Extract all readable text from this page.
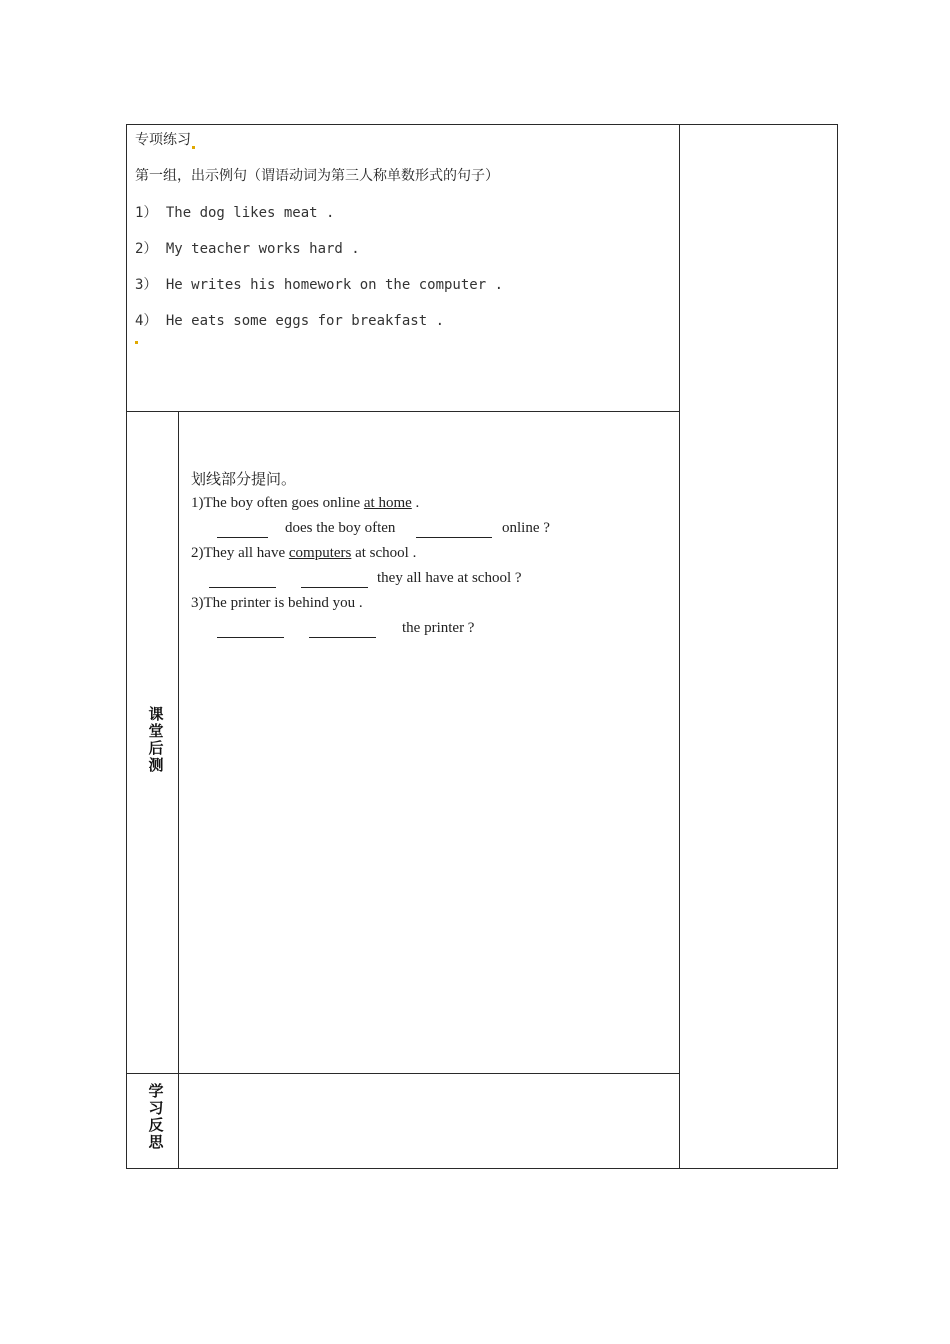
专项练习
第一组，出示例句（谓语动词为第三人称单数形式的句子）
1） The dog likes meat .
2） My teacher works hard .
3） He writes his homework on the computer .
4） He eats some eggs for breakfast .
课
堂
后
测
划线部分提问。
1)The boy often goes online at home .
does the boy often	online ?
2)They all have computers at school .
they all have at school ?
3)The printer is behind you .
the printer ?
学
习
反
思
